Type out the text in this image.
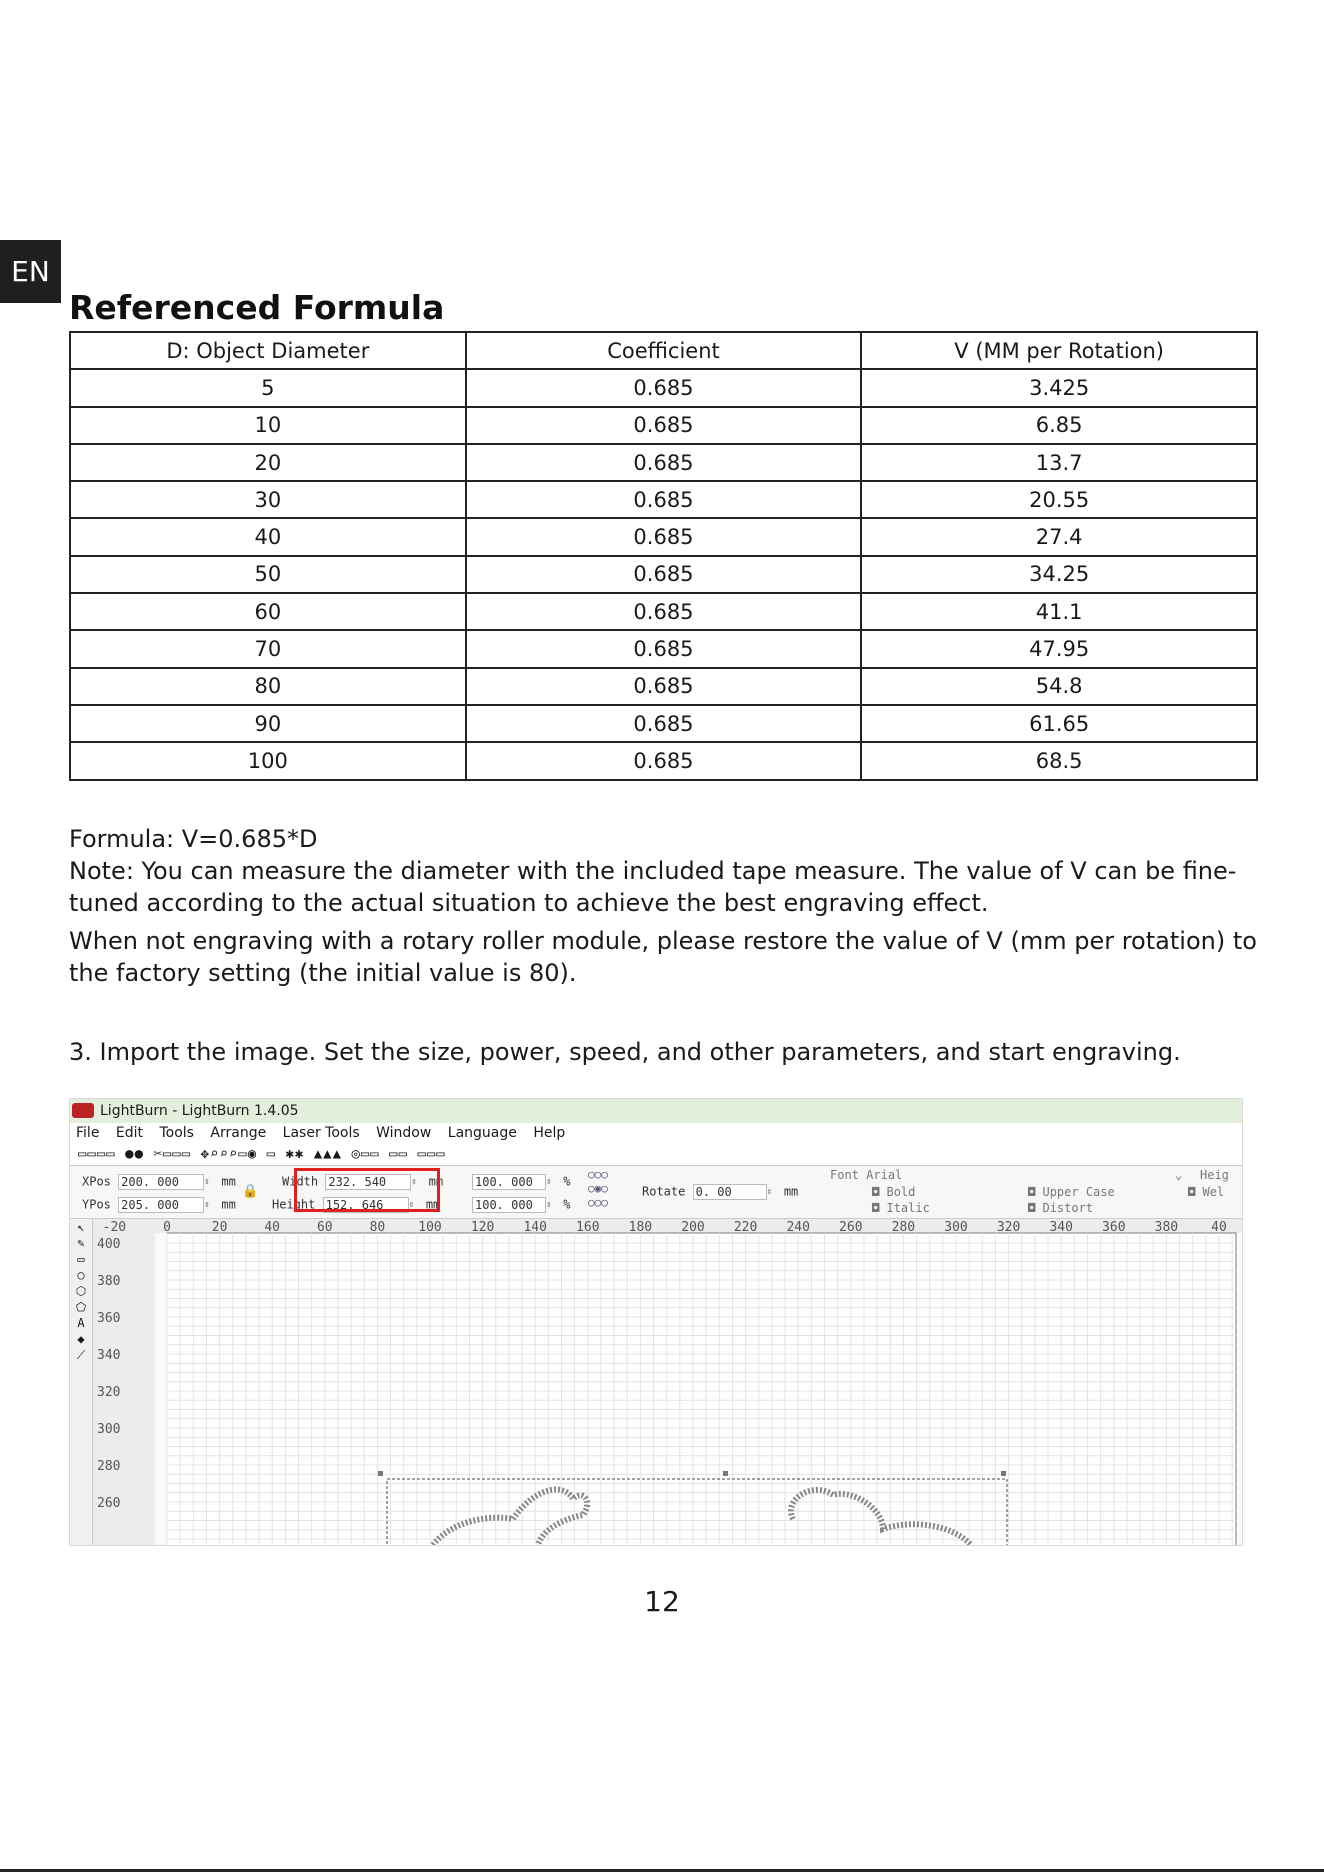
EN
Referenced Formula
D: Object Diameter	Coefficient	V (MM per Rotation)
5	0.685	3.425
10	0.685	6.85
20	0.685	13.7
30	0.685	20.55
40	0.685	27.4
50	0.685	34.25
60	0.685	41.1
70	0.685	47.95
80	0.685	54.8
90	0.685	61.65
100	0.685	68.5

Formula: V=0.685*D

Note: You can measure the diameter with the included tape measure. The value of V can be fine-tuned according to the actual situation to achieve the best engraving effect.

When not engraving with a rotary roller module, please restore the value of V (mm per rotation) to the factory setting (the initial value is 80).

3. Import the image. Set the size, power, speed, and other parameters, and start engraving.

LightBurn - LightBurn 1.4.05
File Edit Tools Arrange Laser Tools Window Language Help
▭▭▭▭ ●● ✂▭▭▭ ✥⌕⌕⌕▭◉ ▭ ✱✱ ▲▲▲ ◎▭▭ ▭▭ ▭▭▭
XPos 200. 000	⇳ mm
YPos 205. 000	⇳ mm
🔒
Width 232. 540	⇳ mm
Height 152. 646	⇳ mm
100. 000 ⇳ %
100. 000 ⇳ %
○○○
○◉○
○○○
Rotate 0. 00	⇳ mm
Font Arial	⌄ Heig
◘ Bold
◘ Italic
◘ Upper Case
◘ Distort
◘ Wel
↖
✎
▭
○
⬡
⬠
A
◆
⟋
-20	0	20	40	60	80	100 120 140 160 180 200 220 240 260 280 300 320 340 360 380	40
400
380
360
340
320
300
280
260

12
